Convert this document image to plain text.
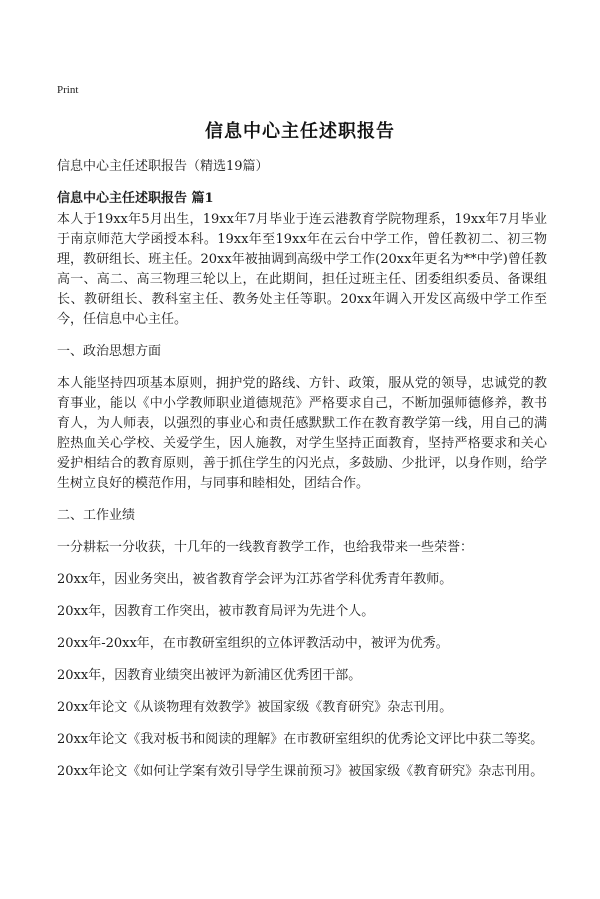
Print
信息中心主任述职报告
信息中心主任述职报告（精选19篇）
信息中心主任述职报告 篇1

本人于19xx年5月出生，19xx年7月毕业于连云港教育学院物理系，19xx年7月毕业于南京师范大学函授本科。19xx年至19xx年在云台中学工作，曾任教初二、初三物理，教研组长、班主任。20xx年被抽调到高级中学工作(20xx年更名为**中学)曾任教高一、高二、高三物理三轮以上，在此期间，担任过班主任、团委组织委员、备课组长、教研组长、教科室主任、教务处主任等职。20xx年调入开发区高级中学工作至今，任信息中心主任。

一、政治思想方面

本人能坚持四项基本原则，拥护党的路线、方针、政策，服从党的领导，忠诚党的教育事业，能以《中小学教师职业道德规范》严格要求自己，不断加强师德修养，教书育人，为人师表，以强烈的事业心和责任感默默工作在教育教学第一线，用自己的满腔热血关心学校、关爱学生，因人施教，对学生坚持正面教育，坚持严格要求和关心爱护相结合的教育原则，善于抓住学生的闪光点，多鼓励、少批评，以身作则，给学生树立良好的模范作用，与同事和睦相处，团结合作。

二、工作业绩

一分耕耘一分收获，十几年的一线教育教学工作，也给我带来一些荣誉：

20xx年，因业务突出，被省教育学会评为江苏省学科优秀青年教师。

20xx年，因教育工作突出，被市教育局评为先进个人。

20xx年-20xx年，在市教研室组织的立体评教活动中，被评为优秀。

20xx年，因教育业绩突出被评为新浦区优秀团干部。

20xx年论文《从谈物理有效教学》被国家级《教育研究》杂志刊用。

20xx年论文《我对板书和阅读的理解》在市教研室组织的优秀论文评比中获二等奖。

20xx年论文《如何让学案有效引导学生课前预习》被国家级《教育研究》杂志刊用。
